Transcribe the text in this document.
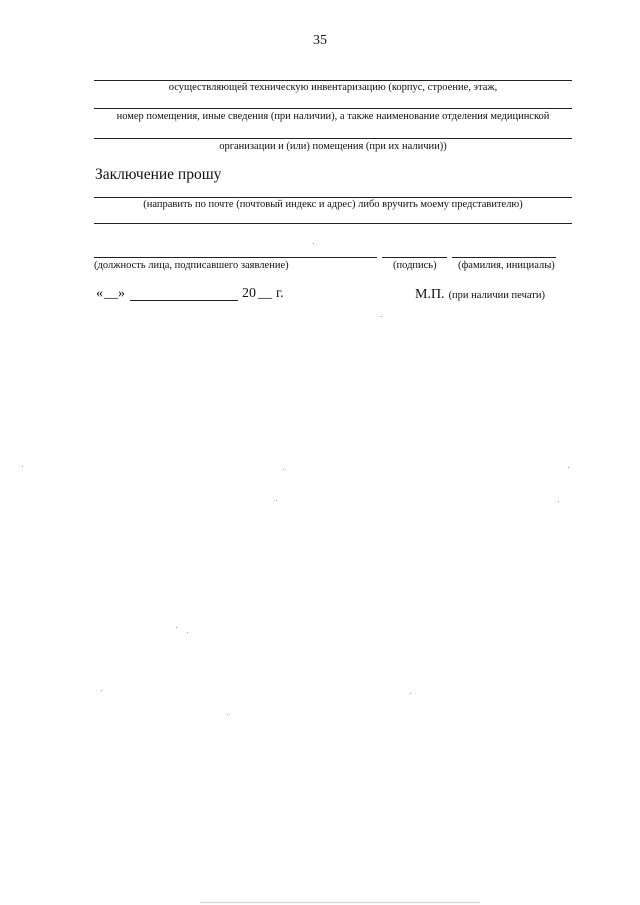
35
осуществляющей техническую инвентаризацию (корпус, строение, этаж,
номер помещения, иные сведения (при наличии), а также наименование отделения медицинской
организации и (или) помещения (при их наличии))
Заключение прошу
(направить по почте (почтовый индекс и адрес) либо вручить моему представителю)
(должность лица, подписавшего заявление)	(подпись) (фамилия, инициалы)
« __ »	20 __ г.	М.П. (при наличии печати)
